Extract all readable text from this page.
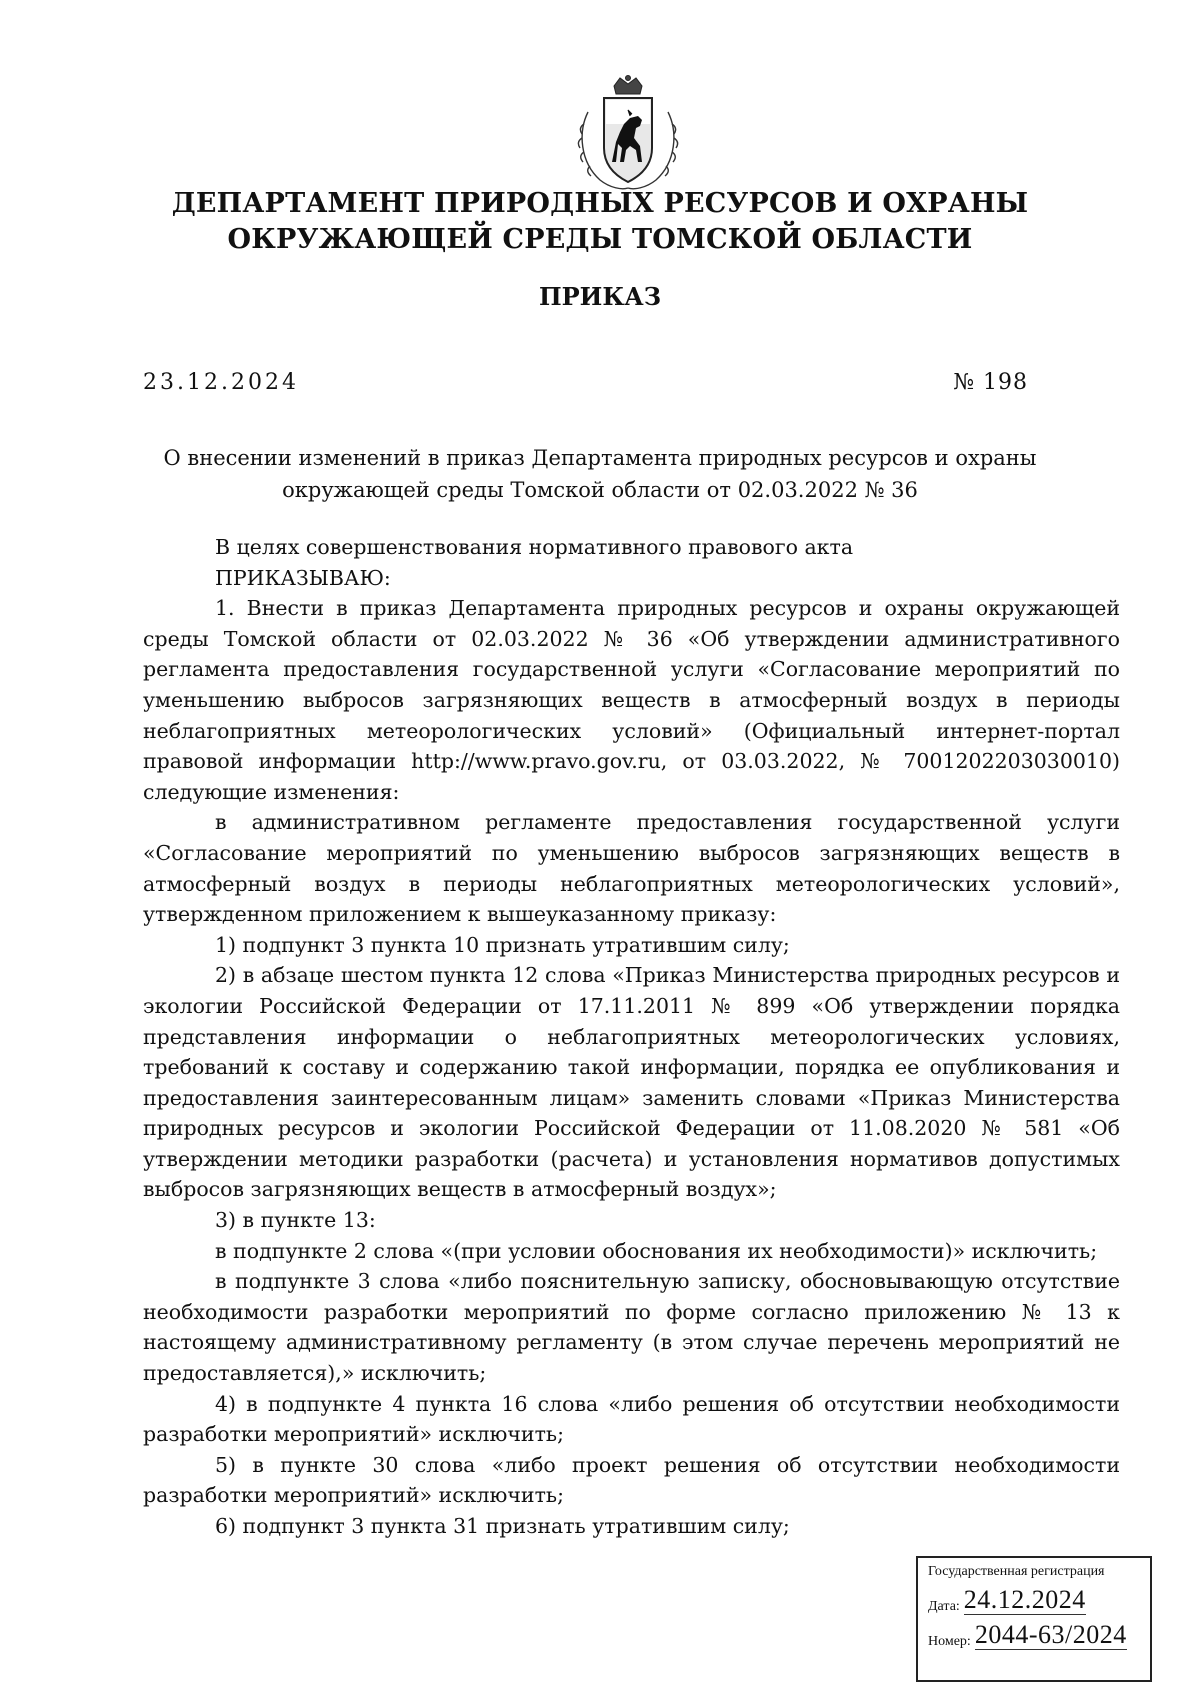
ДЕПАРТАМЕНТ ПРИРОДНЫХ РЕСУРСОВ И ОХРАНЫ
ОКРУЖАЮЩЕЙ СРЕДЫ ТОМСКОЙ ОБЛАСТИ
ПРИКАЗ
23.12.2024	№ 198
О внесении изменений в приказ Департамента природных ресурсов и охраны окружающей среды Томской области от 02.03.2022 № 36

В целях совершенствования нормативного правового акта

ПРИКАЗЫВАЮ:

1. Внести в приказ Департамента природных ресурсов и охраны окружающей среды Томской области от 02.03.2022 № 36 «Об утверждении административного регламента предоставления государственной услуги «Согласование мероприятий по уменьшению выбросов загрязняющих веществ в атмосферный воздух в периоды неблагоприятных метеорологических условий» (Официальный интернет-портал правовой информации http://www.pravo.gov.ru, от 03.03.2022, № 7001202203030010) следующие изменения:

в административном регламенте предоставления государственной услуги «Согласование мероприятий по уменьшению выбросов загрязняющих веществ в атмосферный воздух в периоды неблагоприятных метеорологических условий», утвержденном приложением к вышеуказанному приказу:

1) подпункт 3 пункта 10 признать утратившим силу;

2) в абзаце шестом пункта 12 слова «Приказ Министерства природных ресурсов и экологии Российской Федерации от 17.11.2011 № 899 «Об утверждении порядка представления информации о неблагоприятных метеорологических условиях, требований к составу и содержанию такой информации, порядка ее опубликования и предоставления заинтересованным лицам» заменить словами «Приказ Министерства природных ресурсов и экологии Российской Федерации от 11.08.2020 № 581 «Об утверждении методики разработки (расчета) и установления нормативов допустимых выбросов загрязняющих веществ в атмосферный воздух»;

3) в пункте 13:

в подпункте 2 слова «(при условии обоснования их необходимости)» исключить;

в подпункте 3 слова «либо пояснительную записку, обосновывающую отсутствие необходимости разработки мероприятий по форме согласно приложению № 13 к настоящему административному регламенту (в этом случае перечень мероприятий не предоставляется),» исключить;

4) в подпункте 4 пункта 16 слова «либо решения об отсутствии необходимости разработки мероприятий» исключить;

5) в пункте 30 слова «либо проект решения об отсутствии необходимости разработки мероприятий» исключить;

6) подпункт 3 пункта 31 признать утратившим силу;

Государственная регистрация
Дата: 24.12.2024
Номер: 2044-63/2024
